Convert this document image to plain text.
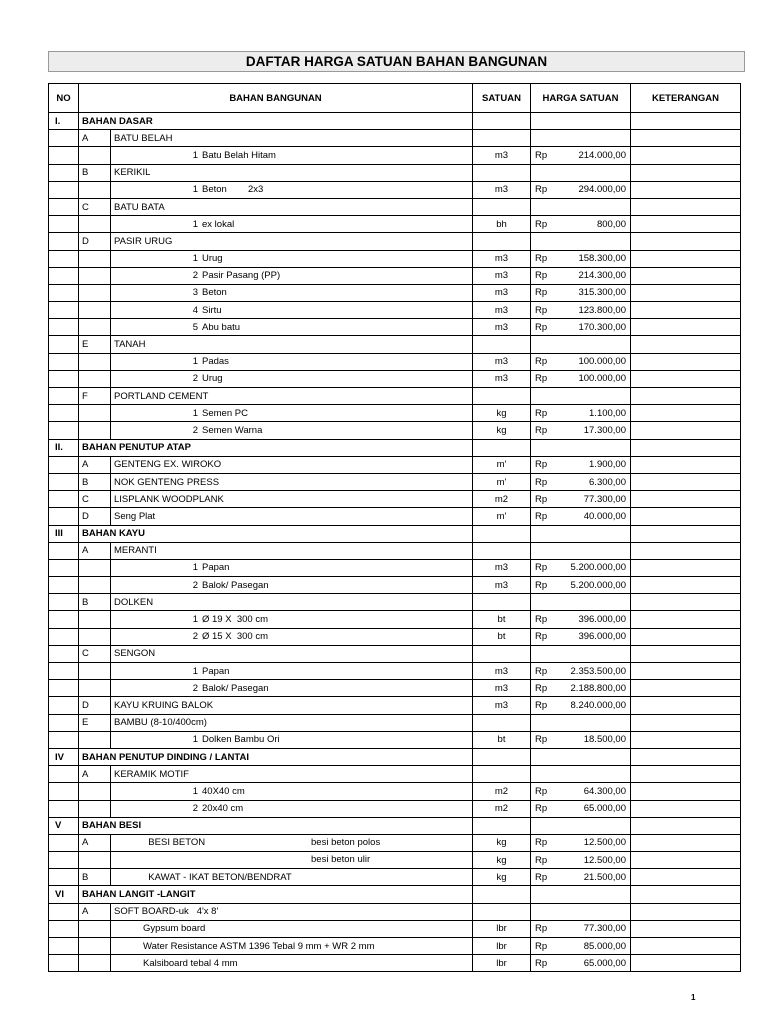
DAFTAR HARGA SATUAN BAHAN BANGUNAN
NO	BAHAN BANGUNAN	SATUAN	HARGA SATUAN	KETERANGAN
I.	BAHAN DASAR			

A BATU BELAH			

	1 Batu Belah Hitam	m3	Rp 214.000,00	

B KERIKIL			

	1 Beton        2x3	m3	Rp 294.000,00	

C BATU BATA			

	1 ex lokal	bh	Rp 800,00	

D PASIR URUG			

	1 Urug	m3	Rp 158.300,00	

	2 Pasir Pasang (PP)	m3	Rp 214.300,00	

	3 Beton	m3	Rp 315.300,00	

	4 Sirtu	m3	Rp 123.800,00	

	5 Abu batu	m3	Rp 170.300,00	

E TANAH			

	1 Padas	m3	Rp 100.000,00	

	2 Urug	m3	Rp 100.000,00	

F PORTLAND CEMENT			

	1 Semen PC	kg	Rp 1.100,00	

	2 Semen Warna	kg	Rp 17.300,00	

II.	BAHAN PENUTUP ATAP			

A GENTENG EX. WIROKO	m'	Rp 1.900,00	

B NOK GENTENG PRESS	m'	Rp 6.300,00	

C LISPLANK WOODPLANK	m2	Rp 77.300,00	

D Seng Plat	m'	Rp 40.000,00	

III	BAHAN KAYU			

A MERANTI			

	1 Papan	m3	Rp 5.200.000,00	

	2 Balok/ Pasegan	m3	Rp 5.200.000,00	

B DOLKEN			

	1 Ø 19 X  300 cm	bt	Rp 396.000,00	

	2 Ø 15 X  300 cm	bt	Rp 396.000,00	

C SENGON			

	1 Papan	m3	Rp 2.353.500,00	

	2 Balok/ Pasegan	m3	Rp 2.188.800,00	

D KAYU KRUING BALOK	m3	Rp 8.240.000,00	

E BAMBU (8-10/400cm)			

	1 Dolken Bambu Ori	bt	Rp 18.500,00	

IV	BAHAN PENUTUP DINDING / LANTAI			

A KERAMIK MOTIF			

	1 40X40 cm	m2	Rp 64.300,00	

	2 20x40 cm	m2	Rp 65.000,00	

V	BAHAN BESI			

A BESI BETON besi beton polos	kg	Rp 12.500,00	

	besi beton ulir	kg	Rp 12.500,00	

B KAWAT - IKAT BETON/BENDRAT	kg	Rp 21.500,00	

VI	BAHAN LANGIT -LANGIT			

A SOFT BOARD-uk   4'x 8'			

	Gypsum board	lbr	Rp 77.300,00	

	Water Resistance ASTM 1396 Tebal 9 mm + WR 2 mm	lbr	Rp 85.000,00	

	Kalsiboard tebal 4 mm	lbr	Rp 65.000,00	

1
